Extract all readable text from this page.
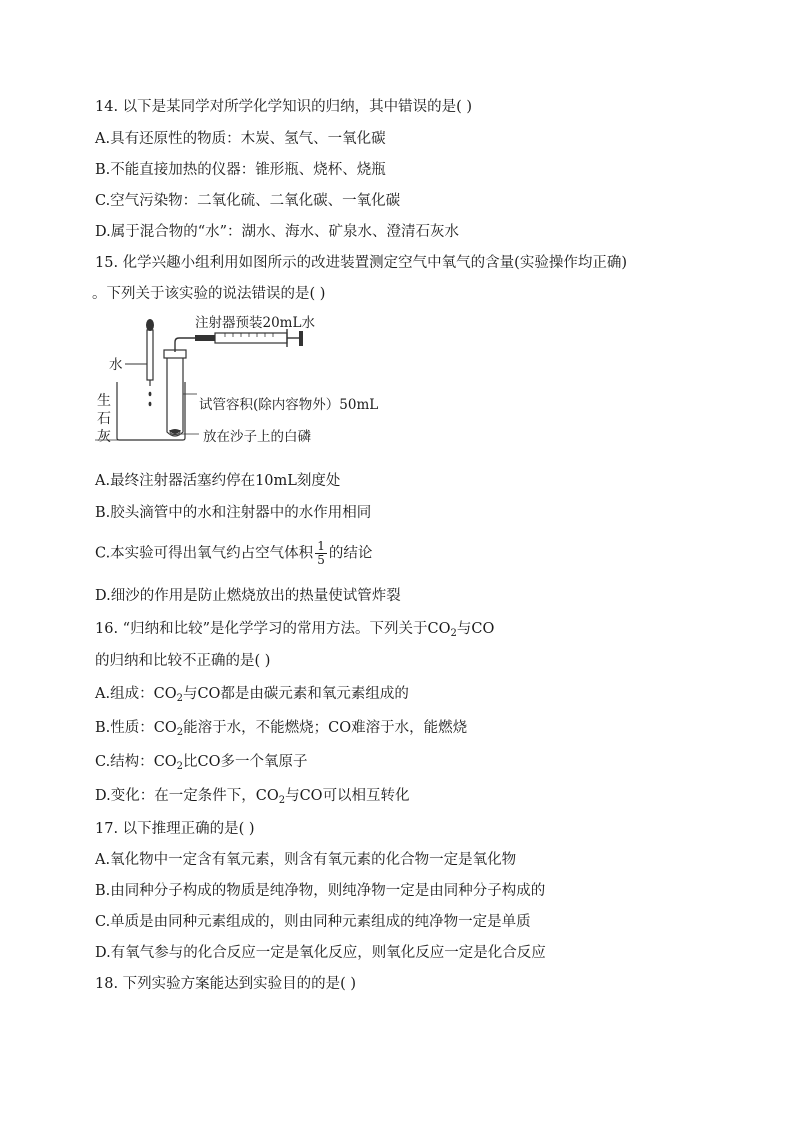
14. 以下是某同学对所学化学知识的归纳，其中错误的是( )
A.具有还原性的物质：木炭、氢气、一氧化碳
B.不能直接加热的仪器：锥形瓶、烧杯、烧瓶
C.空气污染物：二氧化硫、二氧化碳、一氧化碳
D.属于混合物的“水”：湖水、海水、矿泉水、澄清石灰水
15. 化学兴趣小组利用如图所示的改进装置测定空气中氧气的含量(实验操作均正确)
。下列关于该实验的说法错误的是( )
注射器预装20mL水
水
生石灰
试管容积(除内容物外）50mL
放在沙子上的白磷
A.最终注射器活塞约停在10mL刻度处
B.胶头滴管中的水和注射器中的水作用相同
C.本实验可得出氧气约占空气体积 $\frac{1}{5}$ 的结论
D.细沙的作用是防止燃烧放出的热量使试管炸裂
16. “归纳和比较”是化学学习的常用方法。下列关于$CO_2$与CO
的归纳和比较不正确的是( )
A.组成：$CO_2$与CO都是由碳元素和氧元素组成的
B.性质：$CO_2$能溶于水，不能燃烧；CO难溶于水，能燃烧
C.结构：$CO_2$比CO多一个氧原子
D.变化：在一定条件下，$CO_2$与CO可以相互转化
17. 以下推理正确的是( )
A.氧化物中一定含有氧元素，则含有氧元素的化合物一定是氧化物
B.由同种分子构成的物质是纯净物，则纯净物一定是由同种分子构成的
C.单质是由同种元素组成的，则由同种元素组成的纯净物一定是单质
D.有氧气参与的化合反应一定是氧化反应，则氧化反应一定是化合反应
18. 下列实验方案能达到实验目的的是( )
